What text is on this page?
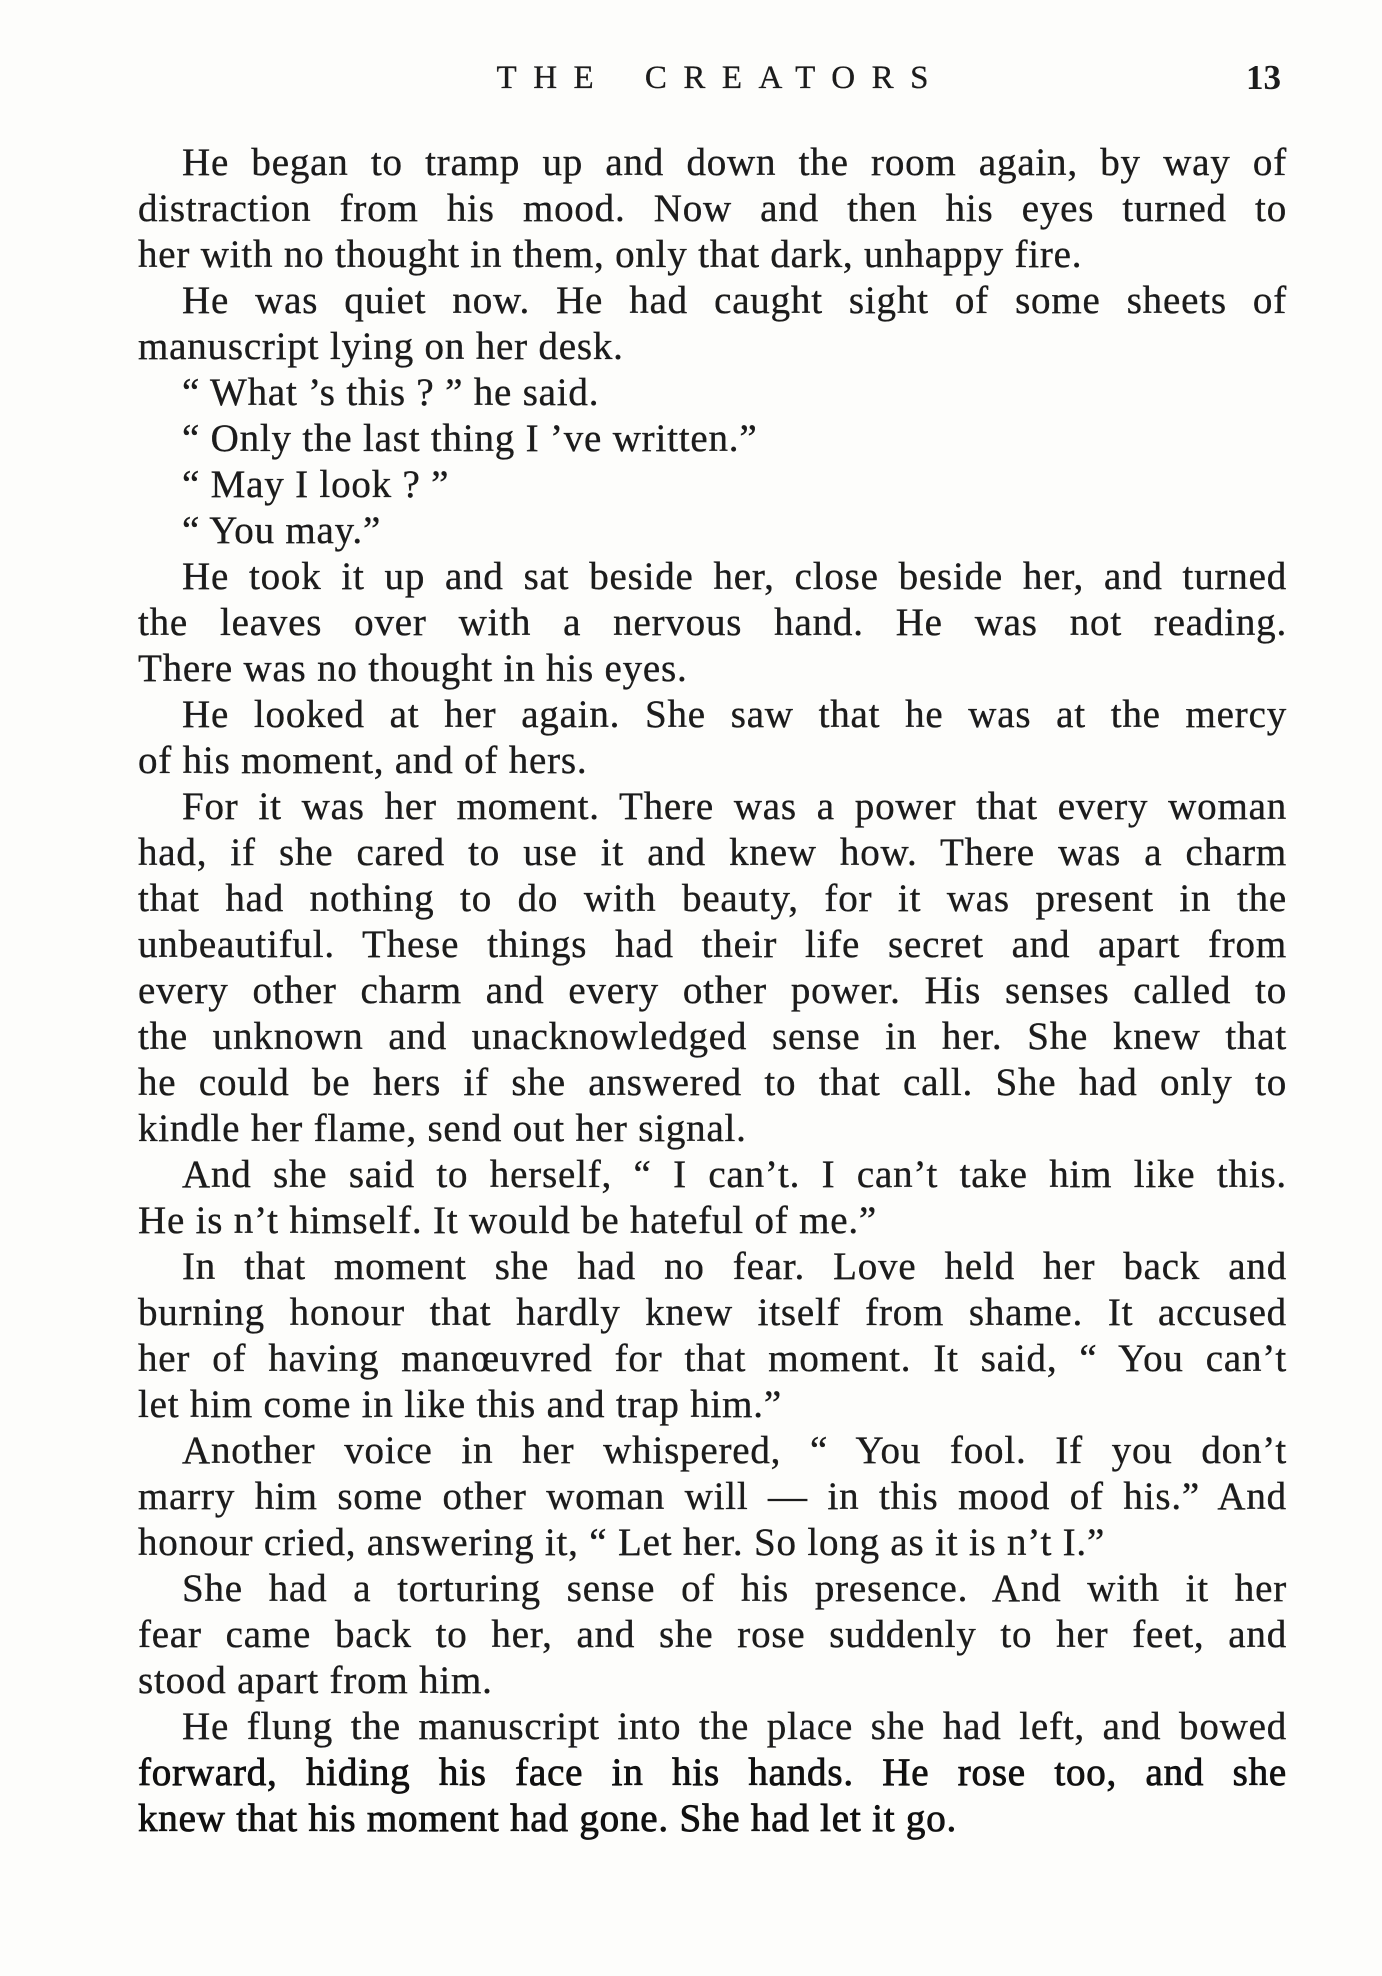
THE CREATORS	13
He began to tramp up and down the room again, by way of
distraction from his mood. Now and then his eyes turned to
her with no thought in them, only that dark, unhappy fire.
He was quiet now. He had caught sight of some sheets of
manuscript lying on her desk.
“ What ’s this ? ” he said.
“ Only the last thing I ’ve written.”
“ May I look ? ”
“ You may.”
He took it up and sat beside her, close beside her, and turned
the leaves over with a nervous hand. He was not reading.
There was no thought in his eyes.
He looked at her again. She saw that he was at the mercy
of his moment, and of hers.
For it was her moment. There was a power that every woman
had, if she cared to use it and knew how. There was a charm
that had nothing to do with beauty, for it was present in the
unbeautiful. These things had their life secret and apart from
every other charm and every other power. His senses called to
the unknown and unacknowledged sense in her. She knew that
he could be hers if she answered to that call. She had only to
kindle her flame, send out her signal.
And she said to herself, “ I can’t. I can’t take him like this.
He is n’t himself. It would be hateful of me.”
In that moment she had no fear. Love held her back and
burning honour that hardly knew itself from shame. It accused
her of having manœuvred for that moment. It said, “ You can’t
let him come in like this and trap him.”
Another voice in her whispered, “ You fool. If you don’t
marry him some other woman will — in this mood of his.” And
honour cried, answering it, “ Let her. So long as it is n’t I.”
She had a torturing sense of his presence. And with it her
fear came back to her, and she rose suddenly to her feet, and
stood apart from him.
He flung the manuscript into the place she had left, and bowed
forward, hiding his face in his hands. He rose too, and she
knew that his moment had gone. She had let it go.
